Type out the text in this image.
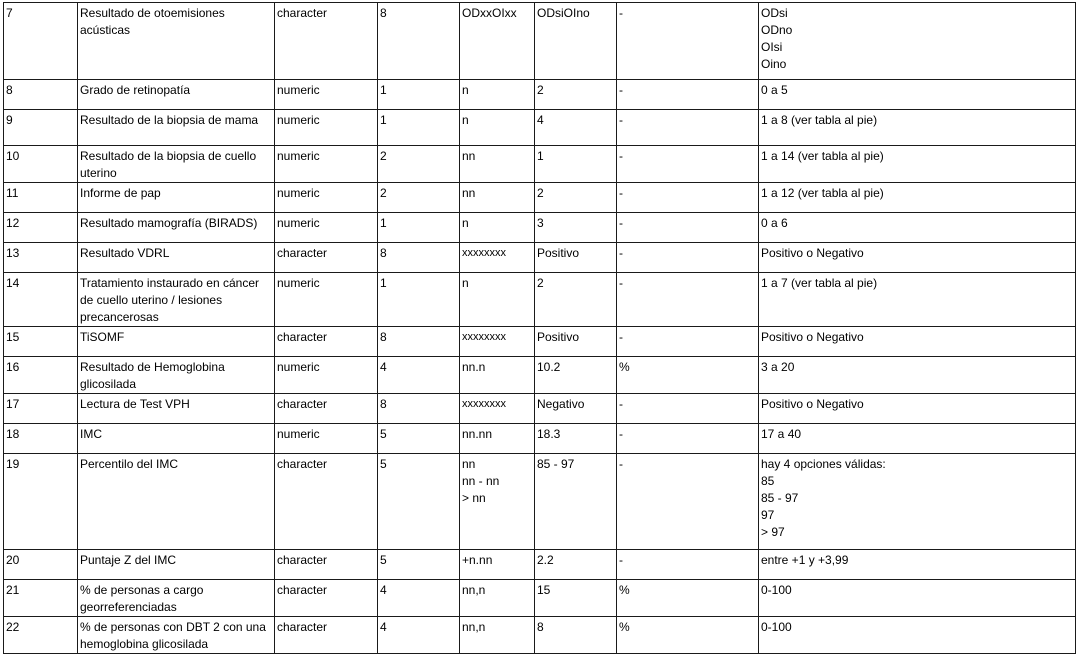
7	Resultado de otoemisiones acústicas	character	8	ODxxOIxx	ODsiOIno	-	ODsi
ODno
OIsi
Oino

8	Grado de retinopatía	numeric	1	n	2	-	0 a 5
9	Resultado de la biopsia de mama	numeric	1	n	4	-	1 a 8 (ver tabla al pie)
10	Resultado de la biopsia de cuello uterino	numeric	2	nn	1	-	1 a 14 (ver tabla al pie)
11	Informe de pap	numeric	2	nn	2	-	1 a 12 (ver tabla al pie)
12	Resultado mamografía (BIRADS)	numeric	1	n	3	-	0 a 6
13	Resultado VDRL	character	8	xxxxxxxx	Positivo	-	Positivo o Negativo
14	Tratamiento instaurado en cáncer de cuello uterino / lesiones precancerosas	numeric	1	n	2	-	1 a 7 (ver tabla al pie)
15	TiSOMF	character	8	xxxxxxxx	Positivo	-	Positivo o Negativo
16	Resultado de Hemoglobina glicosilada	numeric	4	nn.n	10.2	%	3 a 20
17	Lectura de Test VPH	character	8	xxxxxxxx	Negativo	-	Positivo o Negativo
18	IMC	numeric	5	nn.nn	18.3	-	17 a 40
19	Percentilo del IMC	character	5	nn
nn - nn
> nn	85 - 97	-	hay 4 opciones válidas:
85
85 - 97
97
> 97

20	Puntaje Z del IMC	character	5	+n.nn	2.2	-	entre +1 y +3,99
21	% de personas a cargo georreferenciadas	character	4	nn,n	15	%	0-100
22	% de personas con DBT 2 con una hemoglobina glicosilada	character	4	nn,n	8	%	0-100
